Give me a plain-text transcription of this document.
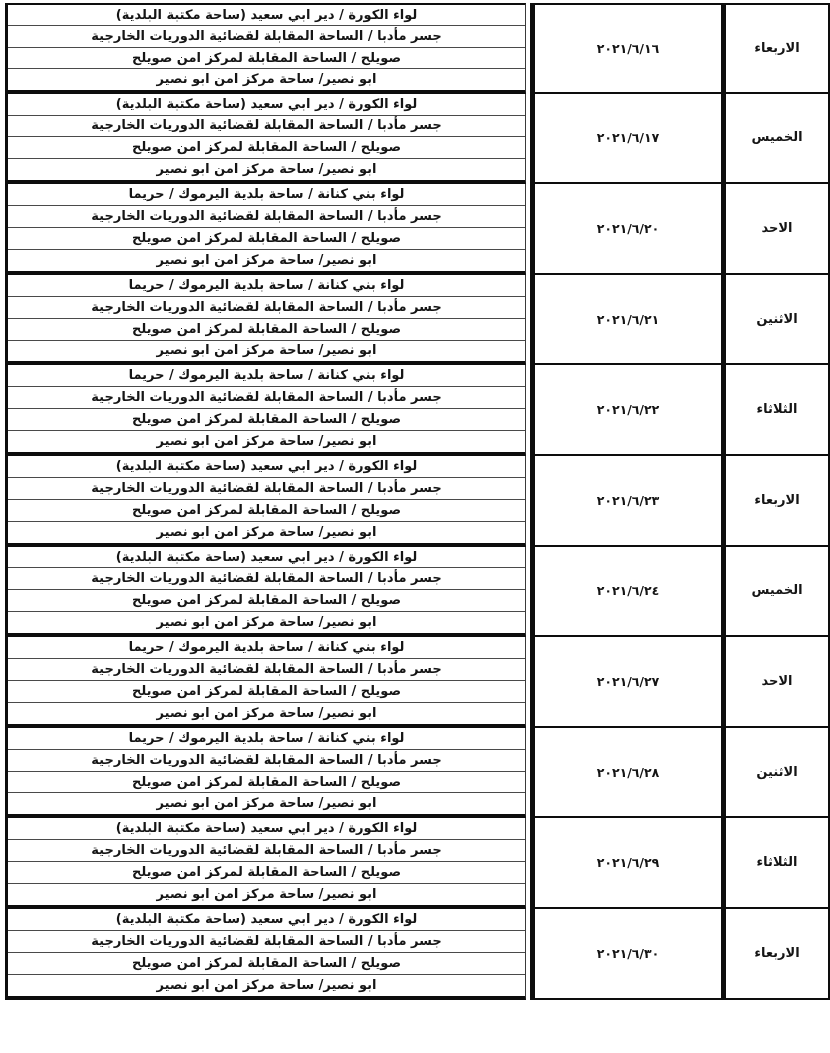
لواء الكورة / دير ابي سعيد (ساحة مكتبة البلدية)
جسر مأدبا / الساحة المقابلة لقضائية الدوريات الخارجية
صويلح / الساحة المقابلة لمركز امن صويلح
ابو نصير/ ساحة مركز امن ابو نصير
٢٠٢١/٦/١٦	الاربعاء
لواء الكورة / دير ابي سعيد (ساحة مكتبة البلدية)
جسر مأدبا / الساحة المقابلة لقضائية الدوريات الخارجية
صويلح / الساحة المقابلة لمركز امن صويلح
ابو نصير/ ساحة مركز امن ابو نصير
٢٠٢١/٦/١٧	الخميس
لواء بني كنانة / ساحة بلدية اليرموك / حريما
جسر مأدبا / الساحة المقابلة لقضائية الدوريات الخارجية
صويلح / الساحة المقابلة لمركز امن صويلح
ابو نصير/ ساحة مركز امن ابو نصير
٢٠٢١/٦/٢٠	الاحد
لواء بني كنانة / ساحة بلدية اليرموك / حريما
جسر مأدبا / الساحة المقابلة لقضائية الدوريات الخارجية
صويلح / الساحة المقابلة لمركز امن صويلح
ابو نصير/ ساحة مركز امن ابو نصير
٢٠٢١/٦/٢١	الاثنين
لواء بني كنانة / ساحة بلدية اليرموك / حريما
جسر مأدبا / الساحة المقابلة لقضائية الدوريات الخارجية
صويلح / الساحة المقابلة لمركز امن صويلح
ابو نصير/ ساحة مركز امن ابو نصير
٢٠٢١/٦/٢٢	الثلاثاء
لواء الكورة / دير ابي سعيد (ساحة مكتبة البلدية)
جسر مأدبا / الساحة المقابلة لقضائية الدوريات الخارجية
صويلح / الساحة المقابلة لمركز امن صويلح
ابو نصير/ ساحة مركز امن ابو نصير
٢٠٢١/٦/٢٣	الاربعاء
لواء الكورة / دير ابي سعيد (ساحة مكتبة البلدية)
جسر مأدبا / الساحة المقابلة لقضائية الدوريات الخارجية
صويلح / الساحة المقابلة لمركز امن صويلح
ابو نصير/ ساحة مركز امن ابو نصير
٢٠٢١/٦/٢٤	الخميس
لواء بني كنانة / ساحة بلدية اليرموك / حريما
جسر مأدبا / الساحة المقابلة لقضائية الدوريات الخارجية
صويلح / الساحة المقابلة لمركز امن صويلح
ابو نصير/ ساحة مركز امن ابو نصير
٢٠٢١/٦/٢٧	الاحد
لواء بني كنانة / ساحة بلدية اليرموك / حريما
جسر مأدبا / الساحة المقابلة لقضائية الدوريات الخارجية
صويلح / الساحة المقابلة لمركز امن صويلح
ابو نصير/ ساحة مركز امن ابو نصير
٢٠٢١/٦/٢٨	الاثنين
لواء الكورة / دير ابي سعيد (ساحة مكتبة البلدية)
جسر مأدبا / الساحة المقابلة لقضائية الدوريات الخارجية
صويلح / الساحة المقابلة لمركز امن صويلح
ابو نصير/ ساحة مركز امن ابو نصير
٢٠٢١/٦/٢٩	الثلاثاء
لواء الكورة / دير ابي سعيد (ساحة مكتبة البلدية)
جسر مأدبا / الساحة المقابلة لقضائية الدوريات الخارجية
صويلح / الساحة المقابلة لمركز امن صويلح
ابو نصير/ ساحة مركز امن ابو نصير
٢٠٢١/٦/٣٠	الاربعاء
